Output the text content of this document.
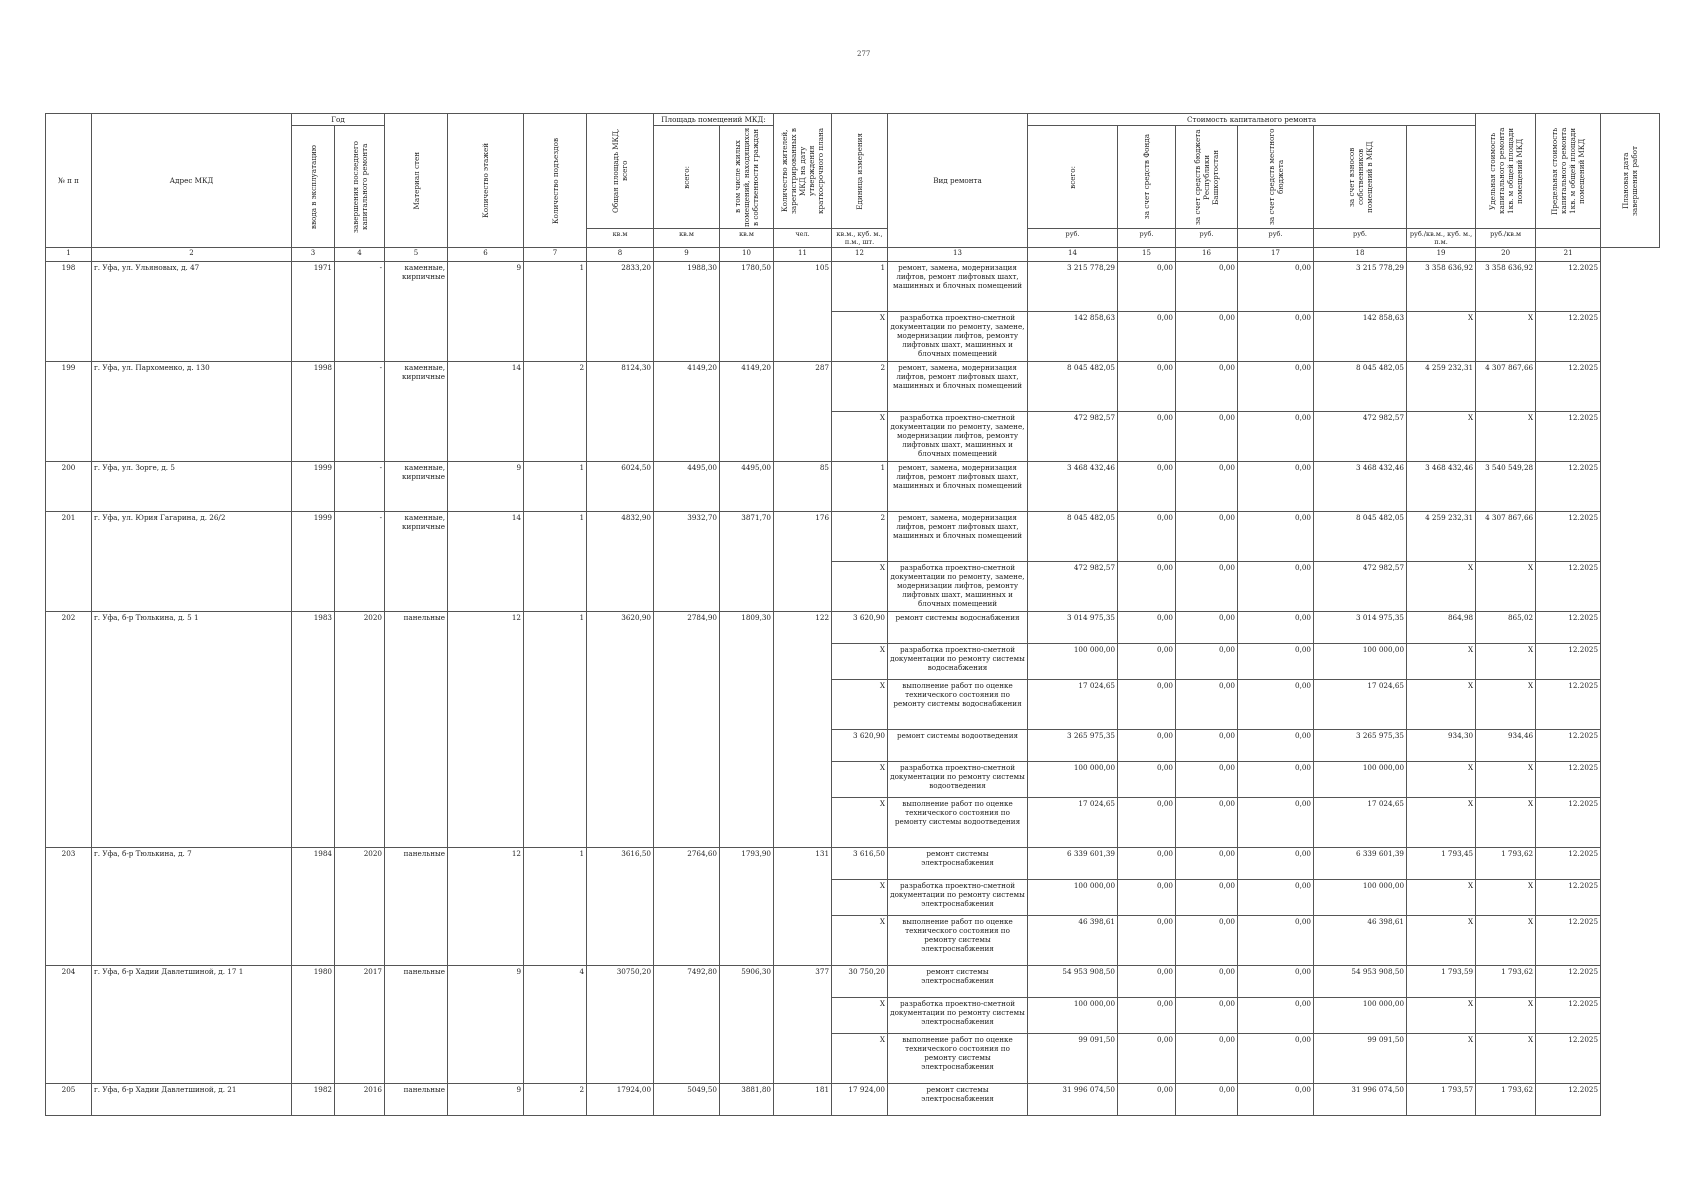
277
№ п п	Адрес МКД	Год		Материал стен	Количество этажей	Количество подъездов	Общая площадь МКД, всего	Площадь помещений МКД:		Количество жителей, зарегистрированных в МКД на дату утверждения краткосрочного плана	Единица измерения	Вид ремонта	Стоимость капитального ремонта						Удельная стоимость капитального ремонта 1кв. м общей площади помещений МКД	Предельная стоимость капитального ремонта 1кв. м общей площади помещений МКД	Плановая дата завершения работ

		ввода в эксплуатацию	завершения последнего капитального ремонта					всего:	в том числе жилых помещений, находящихся в собственности граждан				всего:	за счет средств Фонда	за счет средств бюджета Республики Башкортостан	за счет средств местного бюджета	за счет взносов собственников помещений в МКД				

							кв.м	кв.м	кв.м	чел.	кв.м., куб. м., п.м., шт.		руб.	руб.	руб.	руб.	руб.	руб./кв.м., куб. м., п.м.	руб./кв.м		
1	2	3	4	5	6	7	8	9	10	11	12	13	14	15	16	17	18	19	20	21	
198	г. Уфа, ул. Ульяновых, д. 47	1971	-	каменные, кирпичные	9	1	2833,20	1988,30	1780,50	105	1	ремонт, замена, модернизация лифтов, ремонт лифтовых шахт, машинных и блочных помещений	3 215 778,29	0,00	0,00	0,00	3 215 778,29	3 358 636,92	3 358 636,92	12.2025	
											X	разработка проектно-сметной документации по ремонту, замене, модернизации лифтов, ремонту лифтовых шахт, машинных и блочных помещений	142 858,63	0,00	0,00	0,00	142 858,63	X	X	12.2025	
199	г. Уфа, ул. Пархоменко, д. 130	1998	-	каменные, кирпичные	14	2	8124,30	4149,20	4149,20	287	2	ремонт, замена, модернизация лифтов, ремонт лифтовых шахт, машинных и блочных помещений	8 045 482,05	0,00	0,00	0,00	8 045 482,05	4 259 232,31	4 307 867,66	12.2025	
											X	разработка проектно-сметной документации по ремонту, замене, модернизации лифтов, ремонту лифтовых шахт, машинных и блочных помещений	472 982,57	0,00	0,00	0,00	472 982,57	X	X	12.2025	
200	г. Уфа, ул. Зорге, д. 5	1999	-	каменные, кирпичные	9	1	6024,50	4495,00	4495,00	85	1	ремонт, замена, модернизация лифтов, ремонт лифтовых шахт, машинных и блочных помещений	3 468 432,46	0,00	0,00	0,00	3 468 432,46	3 468 432,46	3 540 549,28	12.2025	
201	г. Уфа, ул. Юрия Гагарина, д. 26/2	1999	-	каменные, кирпичные	14	1	4832,90	3932,70	3871,70	176	2	ремонт, замена, модернизация лифтов, ремонт лифтовых шахт, машинных и блочных помещений	8 045 482,05	0,00	0,00	0,00	8 045 482,05	4 259 232,31	4 307 867,66	12.2025	
											X	разработка проектно-сметной документации по ремонту, замене, модернизации лифтов, ремонту лифтовых шахт, машинных и блочных помещений	472 982,57	0,00	0,00	0,00	472 982,57	X	X	12.2025	
202	г. Уфа, б-р Тюлькина, д. 5 1	1983	2020	панельные	12	1	3620,90	2784,90	1809,30	122	3 620,90	ремонт системы водоснабжения	3 014 975,35	0,00	0,00	0,00	3 014 975,35	864,98	865,02	12.2025	
											X	разработка проектно-сметной документации по ремонту системы водоснабжения	100 000,00	0,00	0,00	0,00	100 000,00	X	X	12.2025	
											X	выполнение работ по оценке технического состояния по ремонту системы водоснабжения	17 024,65	0,00	0,00	0,00	17 024,65	X	X	12.2025	
											3 620,90	ремонт системы водоотведения	3 265 975,35	0,00	0,00	0,00	3 265 975,35	934,30	934,46	12.2025	
											X	разработка проектно-сметной документации по ремонту системы водоотведения	100 000,00	0,00	0,00	0,00	100 000,00	X	X	12.2025	
											X	выполнение работ по оценке технического состояния по ремонту системы водоотведения	17 024,65	0,00	0,00	0,00	17 024,65	X	X	12.2025	
203	г. Уфа, б-р Тюлькина, д. 7	1984	2020	панельные	12	1	3616,50	2764,60	1793,90	131	3 616,50	ремонт системы электроснабжения	6 339 601,39	0,00	0,00	0,00	6 339 601,39	1 793,45	1 793,62	12.2025	
											X	разработка проектно-сметной документации по ремонту системы электроснабжения	100 000,00	0,00	0,00	0,00	100 000,00	X	X	12.2025	
											X	выполнение работ по оценке технического состояния по ремонту системы электроснабжения	46 398,61	0,00	0,00	0,00	46 398,61	X	X	12.2025	
204	г. Уфа, б-р Хадии Давлетшиной, д. 17 1	1980	2017	панельные	9	4	30750,20	7492,80	5906,30	377	30 750,20	ремонт системы электроснабжения	54 953 908,50	0,00	0,00	0,00	54 953 908,50	1 793,59	1 793,62	12.2025	
											X	разработка проектно-сметной документации по ремонту системы электроснабжения	100 000,00	0,00	0,00	0,00	100 000,00	X	X	12.2025	
											X	выполнение работ по оценке технического состояния по ремонту системы электроснабжения	99 091,50	0,00	0,00	0,00	99 091,50	X	X	12.2025	
205	г. Уфа, б-р Хадии Давлетшиной, д. 21	1982	2016	панельные	9	2	17924,00	5049,50	3881,80	181	17 924,00	ремонт системы электроснабжения	31 996 074,50	0,00	0,00	0,00	31 996 074,50	1 793,57	1 793,62	12.2025	
